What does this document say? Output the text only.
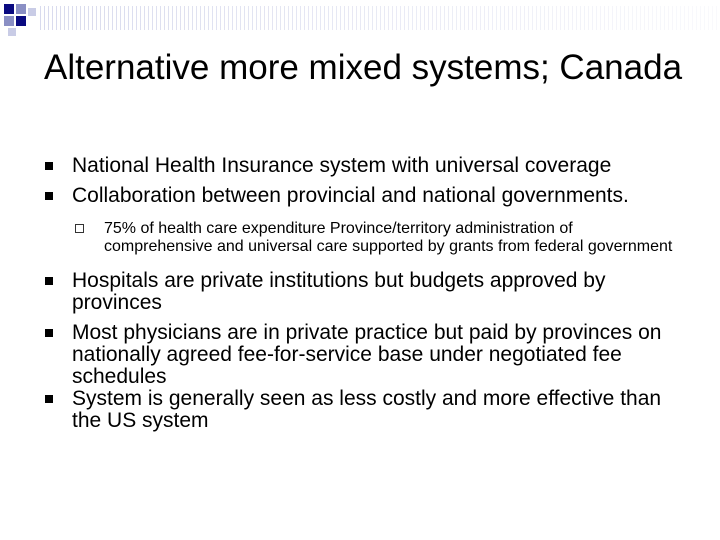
Alternative more mixed systems; Canada
National Health Insurance system with universal coverage
Collaboration between provincial and national governments.
75% of health care expenditure Province/territory administration of comprehensive and universal care supported by grants from federal government
Hospitals are private institutions but budgets approved by provinces
Most physicians are in private practice but paid by provinces on nationally agreed fee-for-service base under negotiated fee schedules
System is generally seen as less costly and more effective than the US system
